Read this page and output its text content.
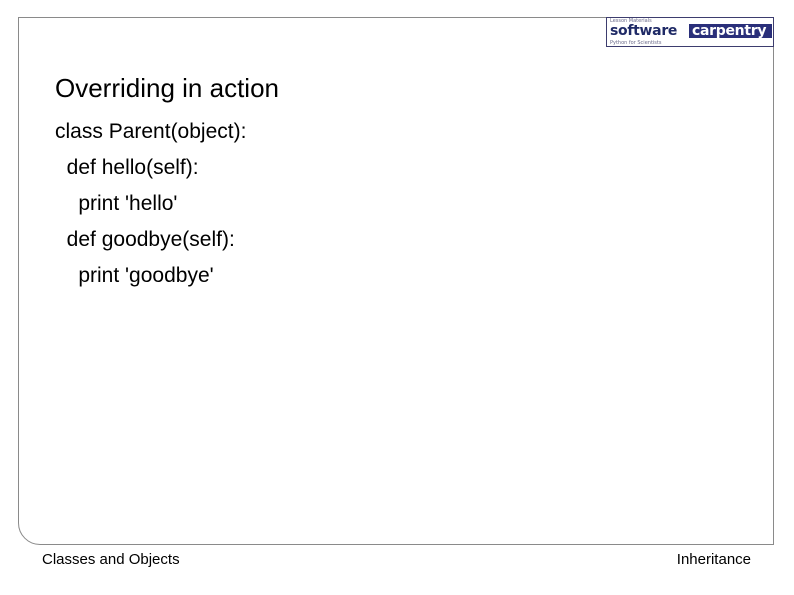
Lesson Materials
software carpentry
Python for Scientists
Overriding in action
class Parent(object):
def hello(self):
print 'hello'
def goodbye(self):
print 'goodbye'
Classes and Objects	Inheritance
